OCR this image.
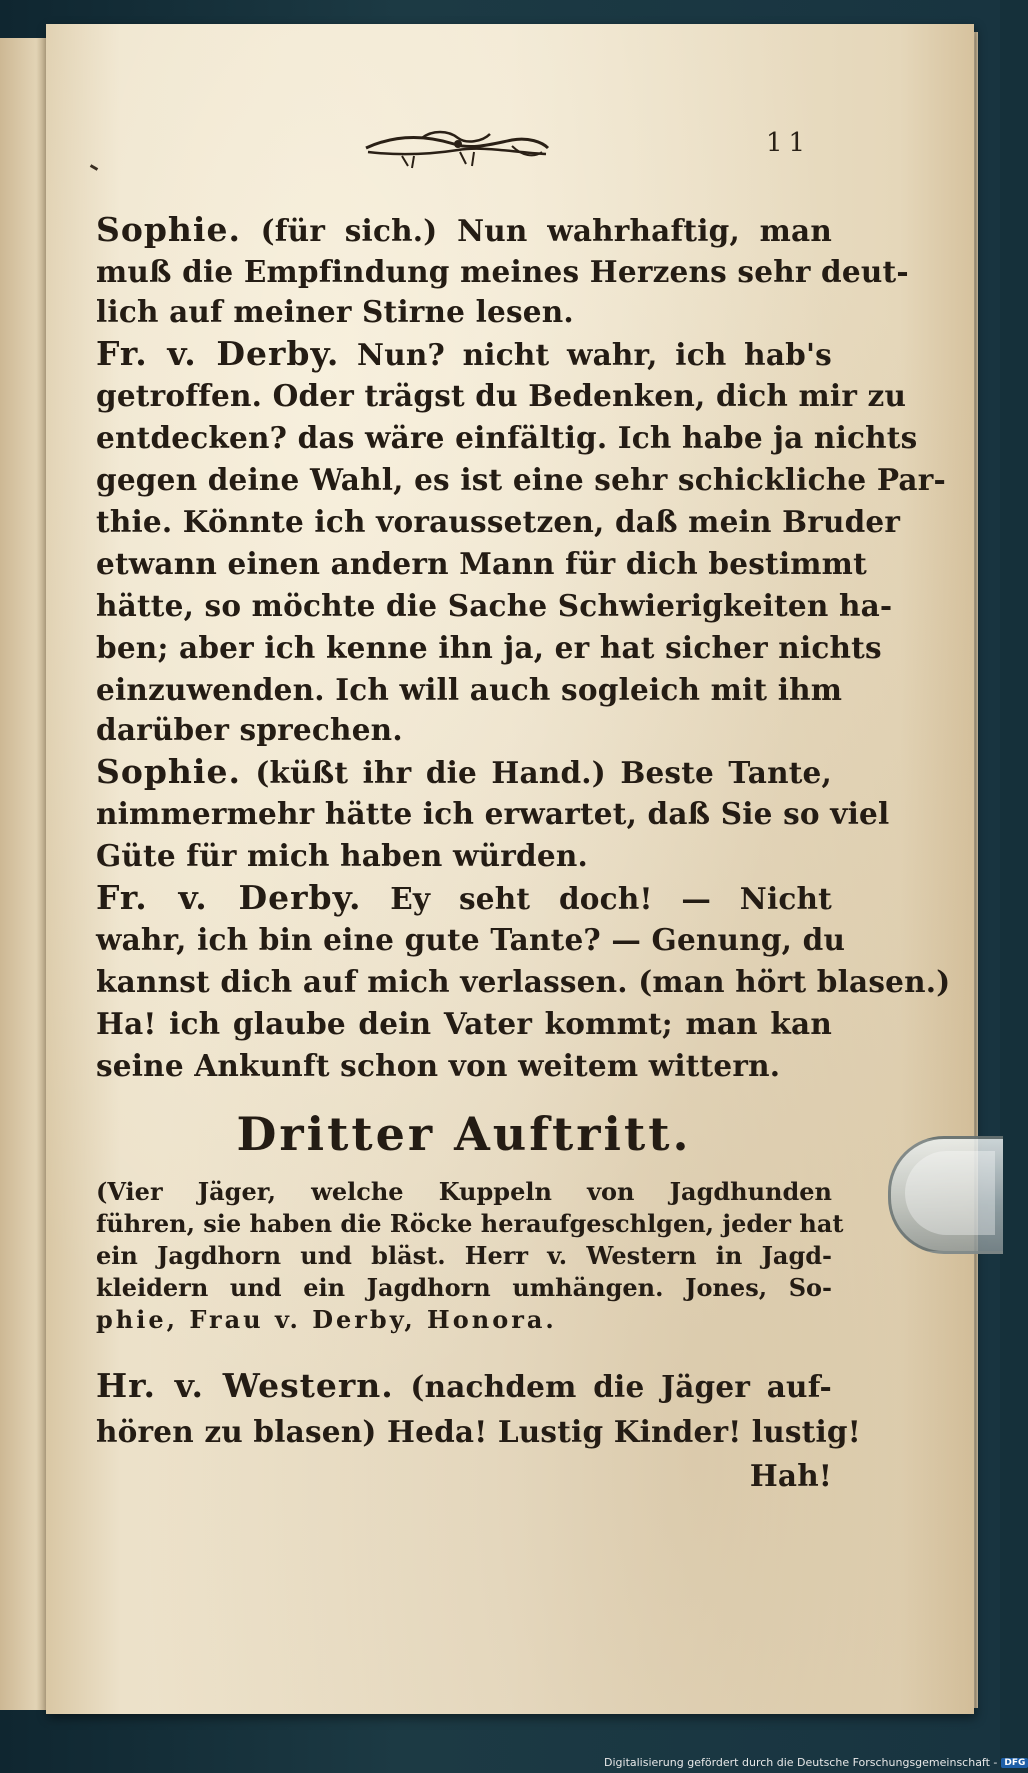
11
Sophie. (für sich.) Nun wahrhaftig, man
muß die Empfindung meines Herzens sehr deut-
lich auf meiner Stirne lesen.
Fr. v. Derby. Nun? nicht wahr, ich hab's
getroffen. Oder trägst du Bedenken, dich mir zu
entdecken? das wäre einfältig. Ich habe ja nichts
gegen deine Wahl, es ist eine sehr schickliche Par-
thie. Könnte ich voraussetzen, daß mein Bruder
etwann einen andern Mann für dich bestimmt
hätte, so möchte die Sache Schwierigkeiten ha-
ben; aber ich kenne ihn ja, er hat sicher nichts
einzuwenden. Ich will auch sogleich mit ihm
darüber sprechen.
Sophie. (küßt ihr die Hand.) Beste Tante,
nimmermehr hätte ich erwartet, daß Sie so viel
Güte für mich haben würden.
Fr. v. Derby. Ey seht doch! — Nicht
wahr, ich bin eine gute Tante? — Genung, du
kannst dich auf mich verlassen. (man hört blasen.)
Ha! ich glaube dein Vater kommt; man kan
seine Ankunft schon von weitem wittern.
Dritter Auftritt.
(Vier Jäger, welche Kuppeln von Jagdhunden
führen, sie haben die Röcke heraufgeschlgen, jeder hat
ein Jagdhorn und bläst. Herr v. Western in Jagd-
kleidern und ein Jagdhorn umhängen. Jones, So-
phie, Frau v. Derby, Honora.
Hr. v. Western. (nachdem die Jäger auf-
hören zu blasen) Heda! Lustig Kinder! lustig!
Hah!
Digitalisierung gefördert durch die Deutsche Forschungsgemeinschaft - DFG
